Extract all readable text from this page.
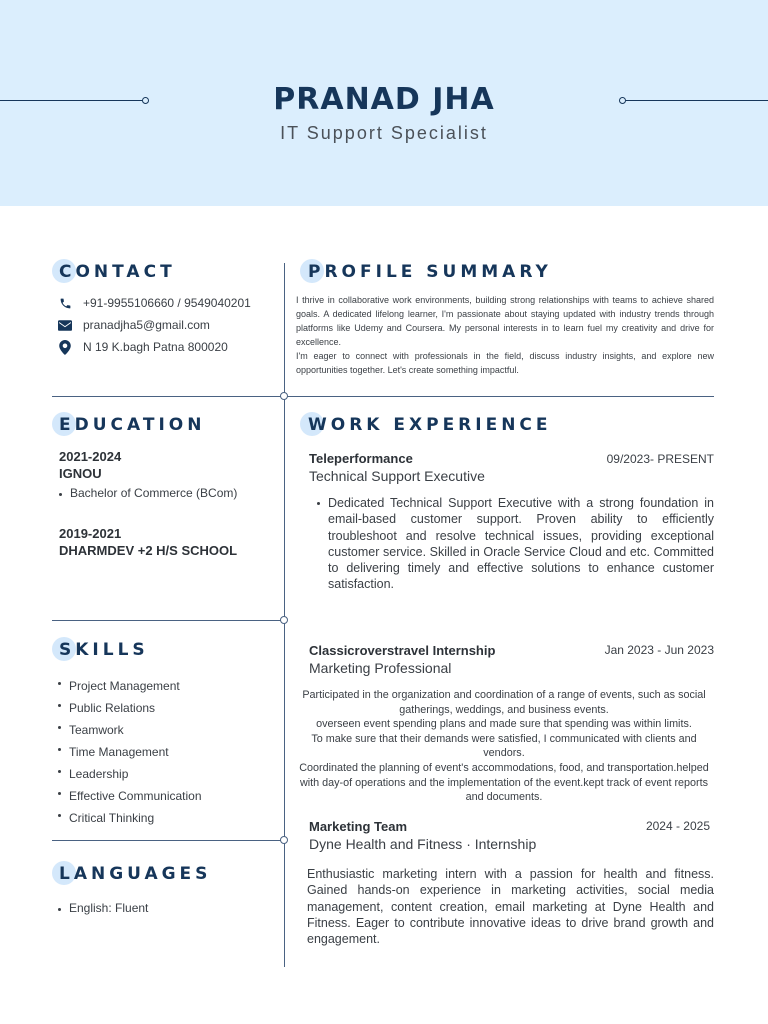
PRANAD JHA
IT Support Specialist
CONTACT
+91-9955106660 / 9549040201
pranadjha5@gmail.com
N 19 K.bagh Patna 800020
PROFILE SUMMARY

I thrive in collaborative work environments, building strong relationships with teams to achieve shared goals. A dedicated lifelong learner, I'm passionate about staying updated with industry trends through platforms like Udemy and Coursera. My personal interests in to learn fuel my creativity and drive for excellence.

I'm eager to connect with professionals in the field, discuss industry insights, and explore new opportunities together. Let's create something impactful.

EDUCATION
2021-2024
IGNOU
Bachelor of Commerce (BCom)
2019-2021
DHARMDEV +2 H/S SCHOOL
WORK EXPERIENCE
Teleperformance	09/2023- PRESENT
Technical Support Executive
Dedicated Technical Support Executive with a strong foundation in email-based customer support. Proven ability to efficiently troubleshoot and resolve technical issues, providing exceptional customer service. Skilled in Oracle Service Cloud and etc. Committed to delivering timely and effective solutions to enhance customer satisfaction.
Classicroverstravel Internship	Jan 2023 - Jun 2023
Marketing Professional

Participated in the organization and coordination of a range of events, such as social gatherings, weddings, and business events.

overseen event spending plans and made sure that spending was within limits.

To make sure that their demands were satisfied, I communicated with clients and vendors.

Coordinated the planning of event's accommodations, food, and transportation.helped with day-of operations and the implementation of the event.kept track of event reports and documents.

Marketing Team	2024 - 2025
Dyne Health and Fitness · Internship
Enthusiastic marketing intern with a passion for health and fitness. Gained hands-on experience in marketing activities, social media management, content creation, email marketing at Dyne Health and Fitness. Eager to contribute innovative ideas to drive brand growth and engagement.
SKILLS
Project Management
Public Relations
Teamwork
Time Management
Leadership
Effective Communication
Critical Thinking
LANGUAGES
English: Fluent
